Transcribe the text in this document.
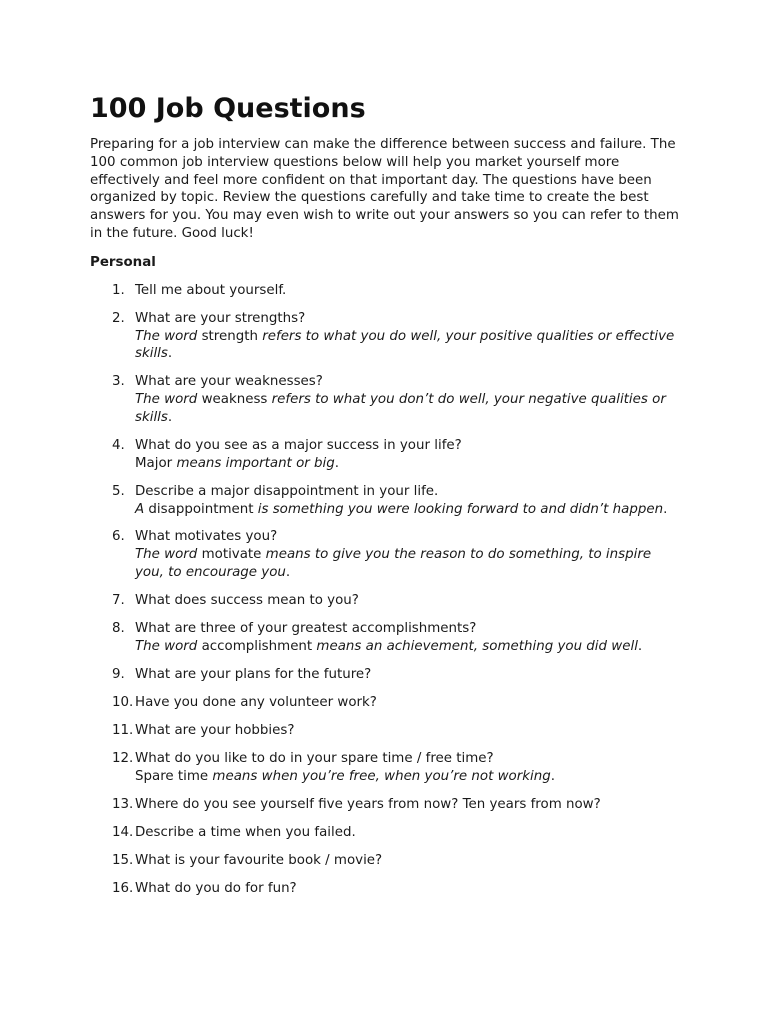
100 Job Questions

Preparing for a job interview can make the difference between success and failure. The 100 common job interview questions below will help you market yourself more effectively and feel more confident on that important day. The questions have been organized by topic. Review the questions carefully and take time to create the best answers for you. You may even wish to write out your answers so you can refer to them in the future. Good luck!

Personal
1. Tell me about yourself.
2. What are your strengths?
The word strength refers to what you do well, your positive qualities or effective skills.
3. What are your weaknesses?
The word weakness refers to what you don’t do well, your negative qualities or skills.
4. What do you see as a major success in your life?
Major means important or big.
5. Describe a major disappointment in your life.
A disappointment is something you were looking forward to and didn’t happen.
6. What motivates you?
The word motivate means to give you the reason to do something, to inspire you, to encourage you.
7. What does success mean to you?
8. What are three of your greatest accomplishments?
The word accomplishment means an achievement, something you did well.
9. What are your plans for the future?
10. Have you done any volunteer work?
11. What are your hobbies?
12. What do you like to do in your spare time / free time?
Spare time means when you’re free, when you’re not working.
13. Where do you see yourself five years from now? Ten years from now?
14. Describe a time when you failed.
15. What is your favourite book / movie?
16. What do you do for fun?
